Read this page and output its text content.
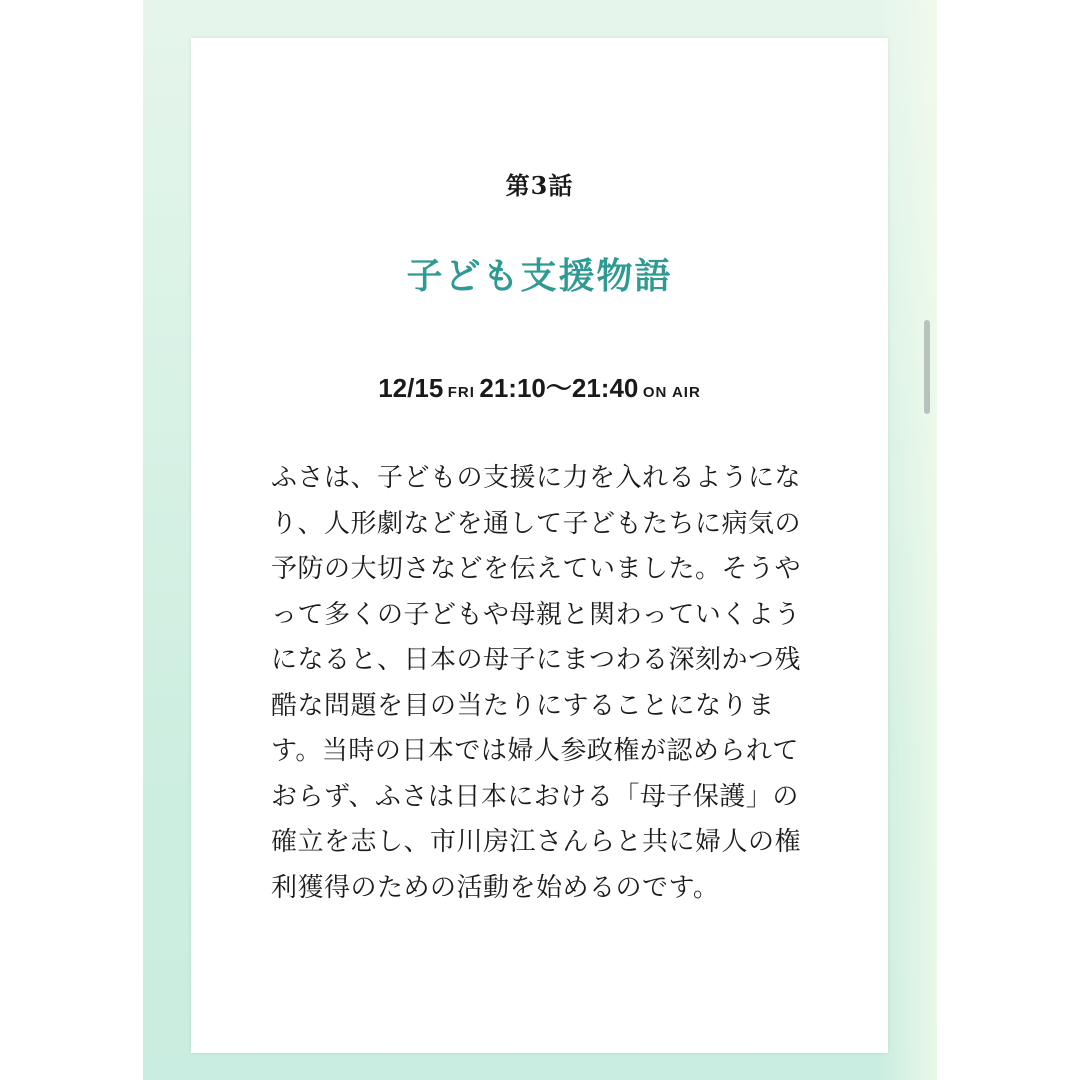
第3話
子ども支援物語
12/15 FRI 21:10〜21:40 ON AIR

ふさは、子どもの支援に力を入れるようになり、人形劇などを通して子どもたちに病気の予防の大切さなどを伝えていました。そうやって多くの子どもや母親と関わっていくようになると、日本の母子にまつわる深刻かつ残酷な問題を目の当たりにすることになります。当時の日本では婦人参政権が認められておらず、ふさは日本における「母子保護」の確立を志し、市川房江さんらと共に婦人の権利獲得のための活動を始めるのです。
